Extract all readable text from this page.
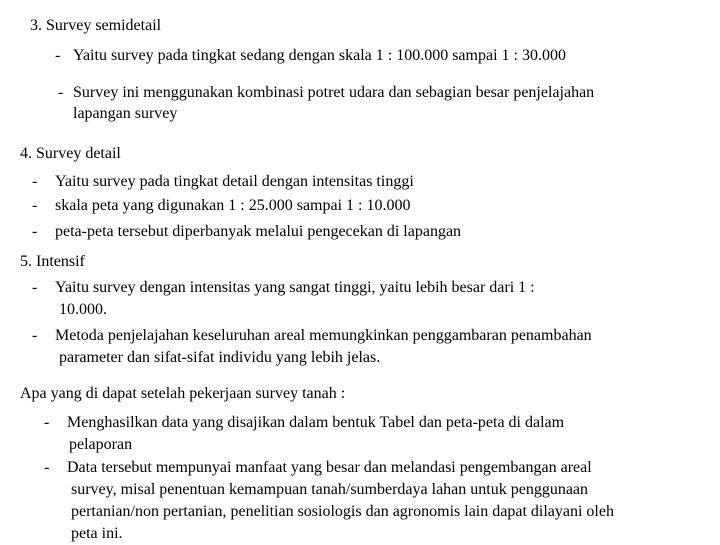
3. Survey semidetail
- Yaitu survey pada tingkat sedang dengan skala 1 : 100.000 sampai 1 : 30.000
- Survey ini menggunakan kombinasi potret udara dan sebagian besar penjelajahan
lapangan survey
4. Survey detail
- Yaitu survey pada tingkat detail dengan intensitas tinggi
- skala peta yang digunakan 1 : 25.000 sampai 1 : 10.000
- peta-peta tersebut diperbanyak melalui pengecekan di lapangan
5. Intensif
- Yaitu survey dengan intensitas yang sangat tinggi, yaitu lebih besar dari 1 :
10.000.
- Metoda penjelajahan keseluruhan areal memungkinkan penggambaran penambahan
parameter dan sifat-sifat individu yang lebih jelas.
Apa yang di dapat setelah pekerjaan survey tanah :
- Menghasilkan data yang disajikan dalam bentuk Tabel dan peta-peta di dalam
pelaporan
- Data tersebut mempunyai manfaat yang besar dan melandasi pengembangan areal
survey, misal penentuan kemampuan tanah/sumberdaya lahan untuk penggunaan
pertanian/non pertanian, penelitian sosiologis dan agronomis lain dapat dilayani oleh
peta ini.
